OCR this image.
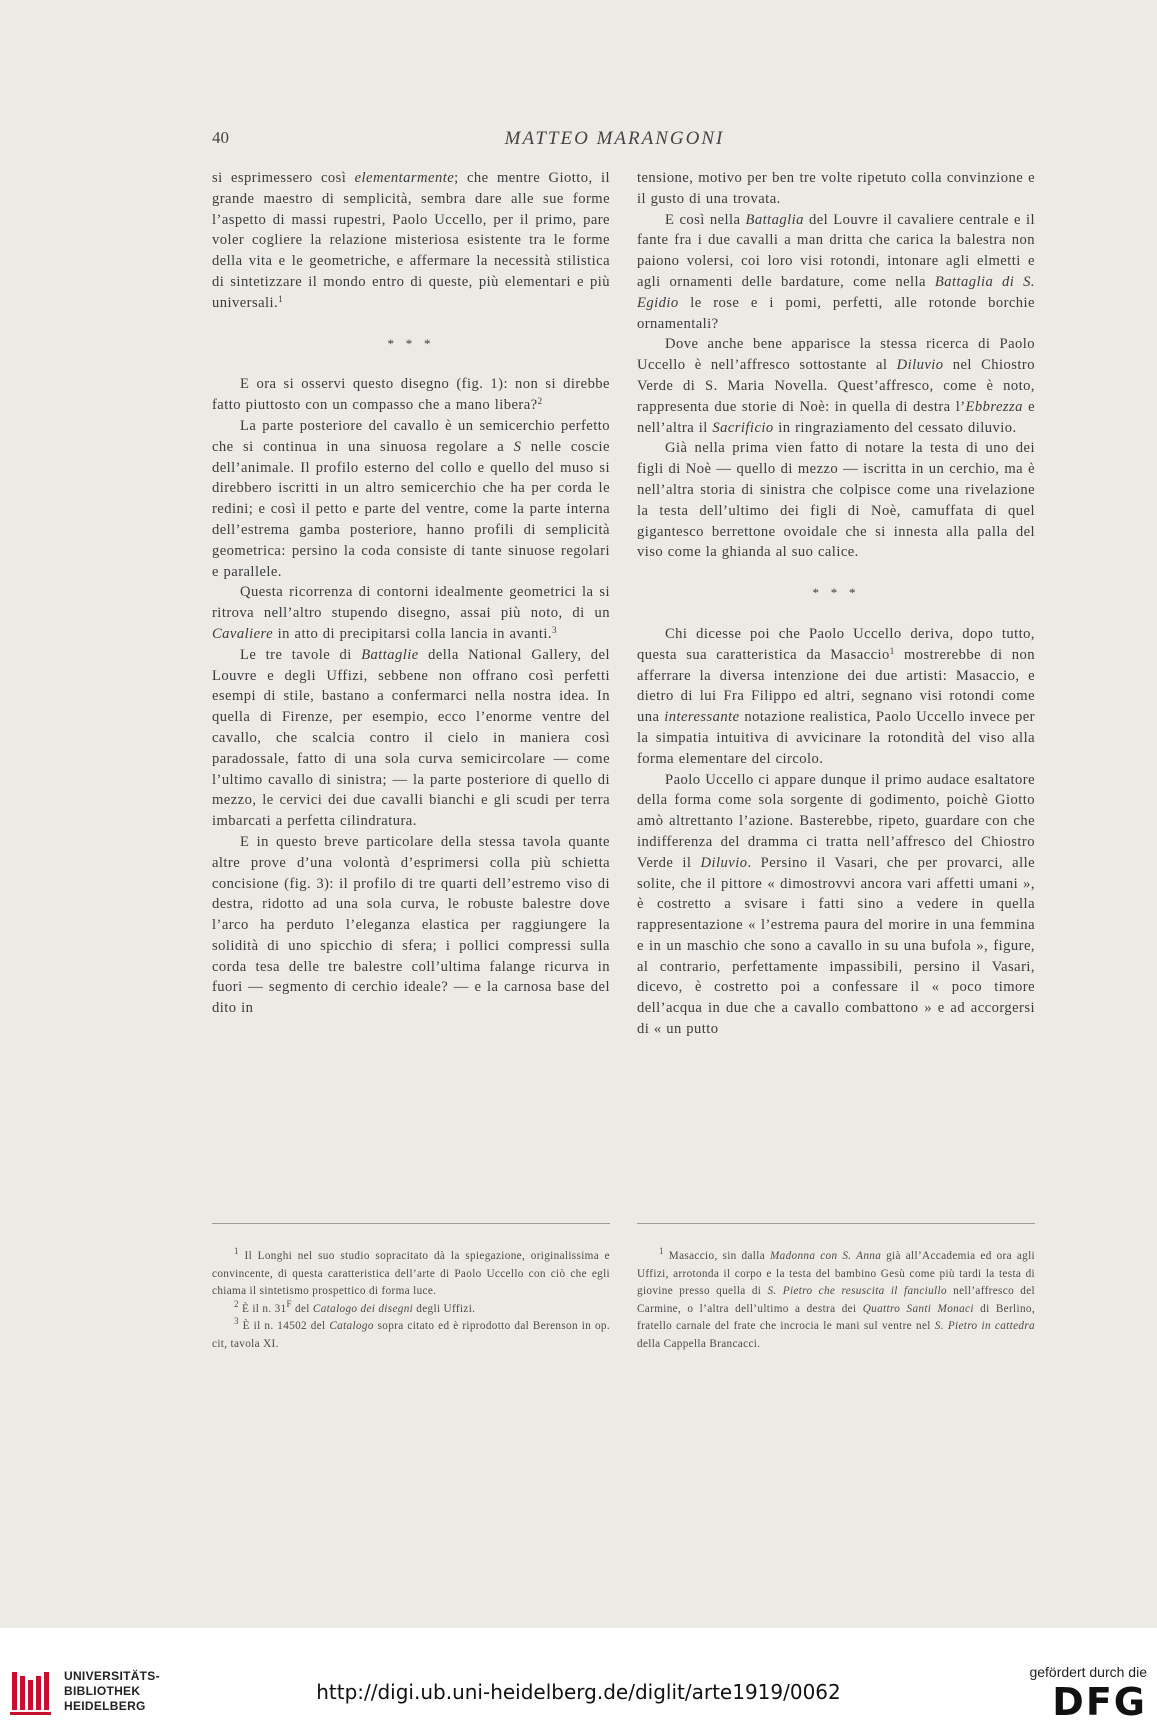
40	MATTEO MARANGONI

si esprimessero così elementarmente; che mentre Giotto, il grande maestro di semplicità, sembra dare alle sue forme l’aspetto di massi rupestri, Paolo Uccello, per il primo, pare voler cogliere la relazione misteriosa esistente tra le forme della vita e le geometriche, e affermare la necessità stilistica di sintetizzare il mondo entro di queste, più elementari e più universali.$^1$

* * *

E ora si osservi questo disegno (fig. 1): non si direbbe fatto piuttosto con un compasso che a mano libera?$^2$

La parte posteriore del cavallo è un semicerchio perfetto che si continua in una sinuosa regolare a S nelle coscie dell’animale. Il profilo esterno del collo e quello del muso si direbbero iscritti in un altro semicerchio che ha per corda le redini; e così il petto e parte del ventre, come la parte interna dell’estrema gamba posteriore, hanno profili di semplicità geometrica: persino la coda consiste di tante sinuose regolari e parallele.

Questa ricorrenza di contorni idealmente geometrici la si ritrova nell’altro stupendo disegno, assai più noto, di un Cavaliere in atto di precipitarsi colla lancia in avanti.$^3$

Le tre tavole di Battaglie della National Gallery, del Louvre e degli Uffizi, sebbene non offrano così perfetti esempi di stile, bastano a confermarci nella nostra idea. In quella di Firenze, per esempio, ecco l’enorme ventre del cavallo, che scalcia contro il cielo in maniera così paradossale, fatto di una sola curva semicircolare — come l’ultimo cavallo di sinistra; — la parte posteriore di quello di mezzo, le cervici dei due cavalli bianchi e gli scudi per terra imbarcati a perfetta cilindratura.

E in questo breve particolare della stessa tavola quante altre prove d’una volontà d’esprimersi colla più schietta concisione (fig. 3): il profilo di tre quarti dell’estremo viso di destra, ridotto ad una sola curva, le robuste balestre dove l’arco ha perduto l’eleganza elastica per raggiungere la solidità di uno spicchio di sfera; i pollici compressi sulla corda tesa delle tre balestre coll’ultima falange ricurva in fuori — segmento di cerchio ideale? — e la carnosa base del dito in

tensione, motivo per ben tre volte ripetuto colla convinzione e il gusto di una trovata.

E così nella Battaglia del Louvre il cavaliere centrale e il fante fra i due cavalli a man dritta che carica la balestra non paiono volersi, coi loro visi rotondi, intonare agli elmetti e agli ornamenti delle bardature, come nella Battaglia di S. Egidio le rose e i pomi, perfetti, alle rotonde borchie ornamentali?

Dove anche bene apparisce la stessa ricerca di Paolo Uccello è nell’affresco sottostante al Diluvio nel Chiostro Verde di S. Maria Novella. Quest’affresco, come è noto, rappresenta due storie di Noè: in quella di destra l’Ebbrezza e nell’altra il Sacrificio in ringraziamento del cessato diluvio.

Già nella prima vien fatto di notare la testa di uno dei figli di Noè — quello di mezzo — iscritta in un cerchio, ma è nell’altra storia di sinistra che colpisce come una rivelazione la testa dell’ultimo dei figli di Noè, camuffata di quel gigantesco berrettone ovoidale che si innesta alla palla del viso come la ghianda al suo calice.

* * *

Chi dicesse poi che Paolo Uccello deriva, dopo tutto, questa sua caratteristica da Masaccio$^1$ mostrerebbe di non afferrare la diversa intenzione dei due artisti: Masaccio, e dietro di lui Fra Filippo ed altri, segnano visi rotondi come una interessante notazione realistica, Paolo Uccello invece per la simpatia intuitiva di avvicinare la rotondità del viso alla forma elementare del circolo.

Paolo Uccello ci appare dunque il primo audace esaltatore della forma come sola sorgente di godimento, poichè Giotto amò altrettanto l’azione. Basterebbe, ripeto, guardare con che indifferenza del dramma ci tratta nell’affresco del Chiostro Verde il Diluvio. Persino il Vasari, che per provarci, alle solite, che il pittore « dimostrovvi ancora vari affetti umani », è costretto a svisare i fatti sino a vedere in quella rappresentazione « l’estrema paura del morire in una femmina e in un maschio che sono a cavallo in su una bufola », figure, al contrario, perfettamente impassibili, persino il Vasari, dicevo, è costretto poi a confessare il « poco timore dell’acqua in due che a cavallo combattono » e ad accorgersi di « un putto

$^1$ Il Longhi nel suo studio sopracitato dà la spiegazione, originalissima e convincente, di questa caratteristica dell’arte di Paolo Uccello con ciò che egli chiama il sintetismo prospettico di forma luce.

$^2$ È il n. $31^F$ del Catalogo dei disegni degli Uffizi.

$^3$ È il n. 14502 del Catalogo sopra citato ed è riprodotto dal Berenson in op. cit, tavola XI.

$^1$ Masaccio, sin dalla Madonna con S. Anna già all’Accademia ed ora agli Uffizi, arrotonda il corpo e la testa del bambino Gesù come più tardi la testa di giovine presso quella di S. Pietro che resuscita il fanciullo nell’affresco del Carmine, o l’altra dell’ultimo a destra dei Quattro Santi Monaci di Berlino, fratello carnale del frate che incrocia le mani sul ventre nel S. Pietro in cattedra della Cappella Brancacci.

UNIVERSITÄTS-
BIBLIOTHEK
HEIDELBERG
http://digi.ub.uni-heidelberg.de/diglit/arte1919/0062
gefördert durch die
DFG
